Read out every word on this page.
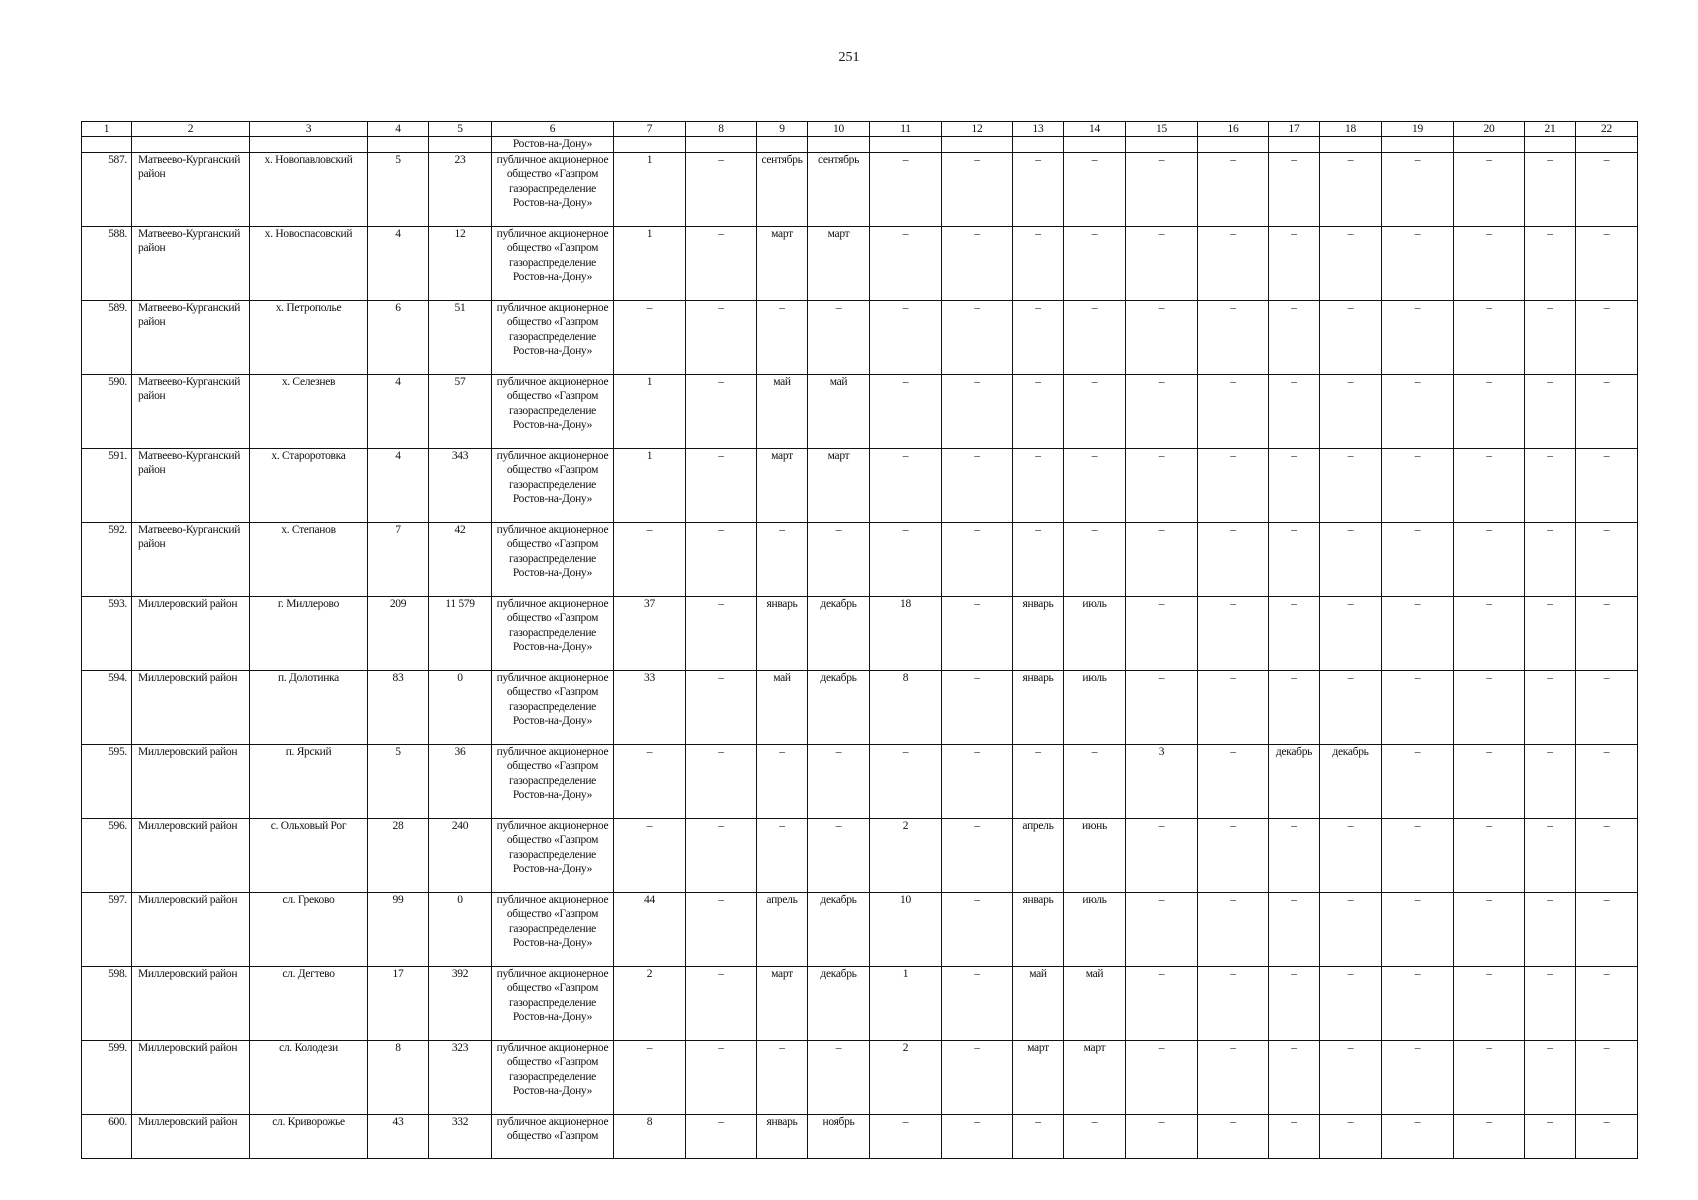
251
1	2	3	4	5	6	7	8	9	10	11	12	13	14	15	16	17	18	19	20	21	22
					Ростов-на-Дону»																
587.	Матвеево-Курганский район	х. Новопавловский	5	23	публичное акционерное общество «Газпром газораспределение Ростов-на-Дону»	1	–	сентябрь	сентябрь	–	–	–	–	–	–	–	–	–	–	–	–
588.	Матвеево-Курганский район	х. Новоспасовский	4	12	публичное акционерное общество «Газпром газораспределение Ростов-на-Дону»	1	–	март	март	–	–	–	–	–	–	–	–	–	–	–	–
589.	Матвеево-Курганский район	х. Петрополье	6	51	публичное акционерное общество «Газпром газораспределение Ростов-на-Дону»	–	–	–	–	–	–	–	–	–	–	–	–	–	–	–	–
590.	Матвеево-Курганский район	х. Селезнев	4	57	публичное акционерное общество «Газпром газораспределение Ростов-на-Дону»	1	–	май	май	–	–	–	–	–	–	–	–	–	–	–	–
591.	Матвеево-Курганский район	х. Староротовка	4	343	публичное акционерное общество «Газпром газораспределение Ростов-на-Дону»	1	–	март	март	–	–	–	–	–	–	–	–	–	–	–	–
592.	Матвеево-Курганский район	х. Степанов	7	42	публичное акционерное общество «Газпром газораспределение Ростов-на-Дону»	–	–	–	–	–	–	–	–	–	–	–	–	–	–	–	–
593.	Миллеровский район	г. Миллерово	209	11 579	публичное акционерное общество «Газпром газораспределение Ростов-на-Дону»	37	–	январь	декабрь	18	–	январь	июль	–	–	–	–	–	–	–	–
594.	Миллеровский район	п. Долотинка	83	0	публичное акционерное общество «Газпром газораспределение Ростов-на-Дону»	33	–	май	декабрь	8	–	январь	июль	–	–	–	–	–	–	–	–
595.	Миллеровский район	п. Ярский	5	36	публичное акционерное общество «Газпром газораспределение Ростов-на-Дону»	–	–	–	–	–	–	–	–	3	–	декабрь	декабрь	–	–	–	–
596.	Миллеровский район	с. Ольховый Рог	28	240	публичное акционерное общество «Газпром газораспределение Ростов-на-Дону»	–	–	–	–	2	–	апрель	июнь	–	–	–	–	–	–	–	–
597.	Миллеровский район	сл. Греково	99	0	публичное акционерное общество «Газпром газораспределение Ростов-на-Дону»	44	–	апрель	декабрь	10	–	январь	июль	–	–	–	–	–	–	–	–
598.	Миллеровский район	сл. Дегтево	17	392	публичное акционерное общество «Газпром газораспределение Ростов-на-Дону»	2	–	март	декабрь	1	–	май	май	–	–	–	–	–	–	–	–
599.	Миллеровский район	сл. Колодези	8	323	публичное акционерное общество «Газпром газораспределение Ростов-на-Дону»	–	–	–	–	2	–	март	март	–	–	–	–	–	–	–	–
600.	Миллеровский район	сл. Криворожье	43	332	публичное акционерное общество «Газпром	8	–	январь	ноябрь	–	–	–	–	–	–	–	–	–	–	–	–
